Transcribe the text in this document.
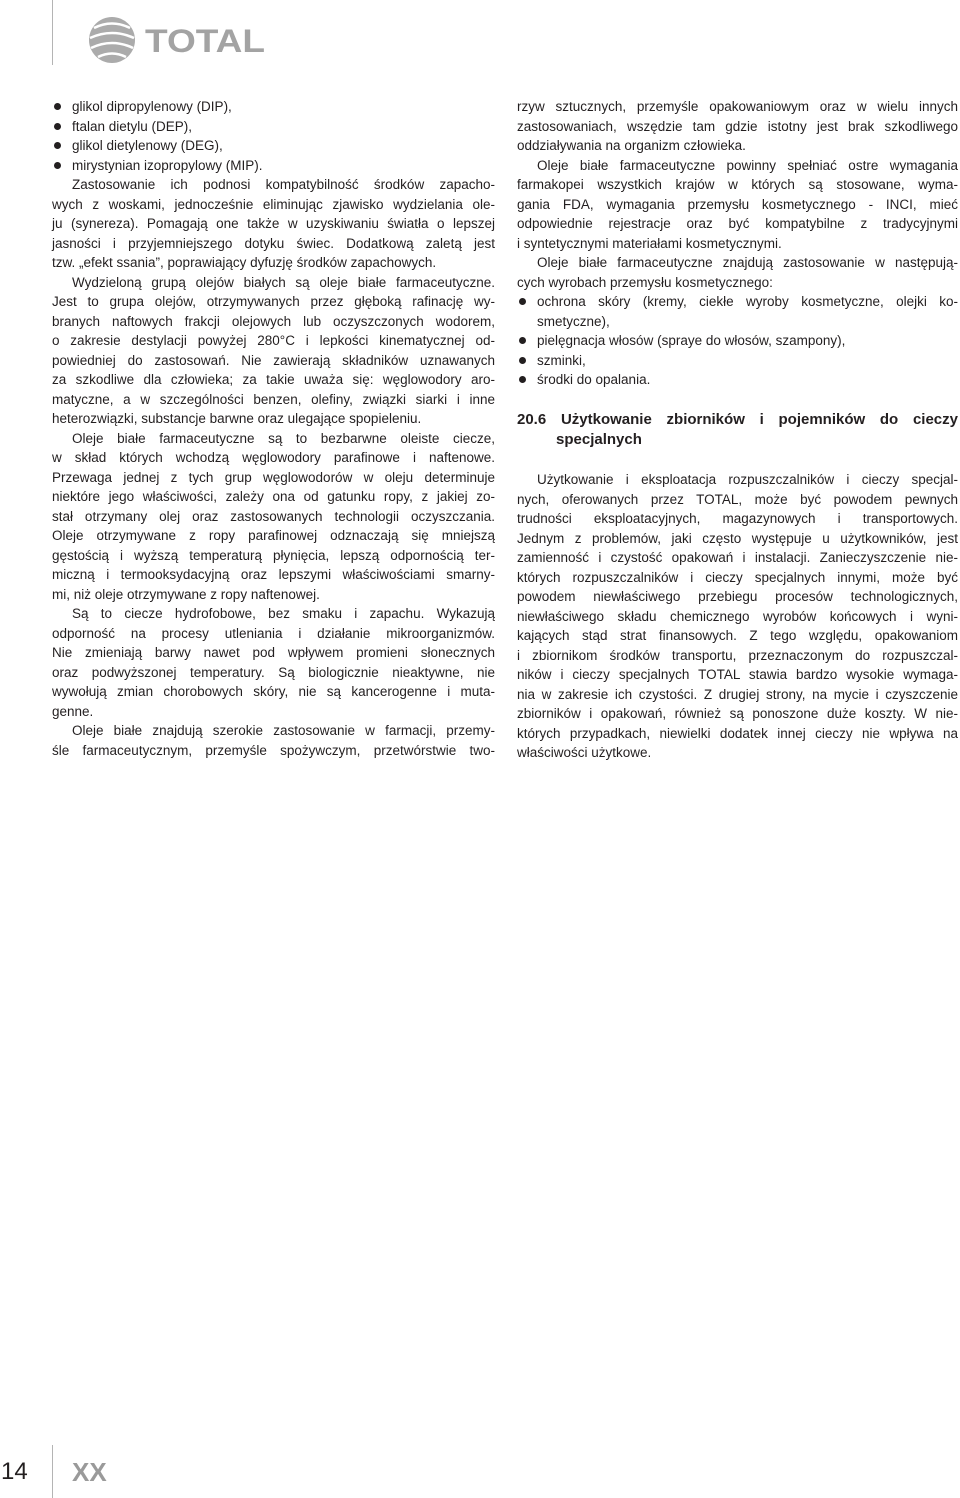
TOTAL
glikol dipropylenowy (DIP),
ftalan dietylu (DEP),
glikol dietylenowy (DEG),
mirystynian izopropylowy (MIP).
Zastosowanie ich podnosi kompatybilność środków zapacho-
wych z woskami, jednocześnie eliminując zjawisko wydzielania ole-
ju (synereza). Pomagają one także w uzyskiwaniu światła o lepszej
jasności i przyjemniejszego dotyku świec. Dodatkową zaletą jest
tzw. „efekt ssania”, poprawiający dyfuzję środków zapachowych.
Wydzieloną grupą olejów białych są oleje białe farmaceutyczne.
Jest to grupa olejów, otrzymywanych przez głęboką rafinację wy-
branych naftowych frakcji olejowych lub oczyszczonych wodorem,
o zakresie destylacji powyżej 280°C i lepkości kinematycznej od-
powiedniej do zastosowań. Nie zawierają składników uznawanych
za szkodliwe dla człowieka; za takie uważa się: węglowodory aro-
matyczne, a w szczególności benzen, olefiny, związki siarki i inne
heterozwiązki, substancje barwne oraz ulegające spopieleniu.
Oleje białe farmaceutyczne są to bezbarwne oleiste ciecze,
w skład których wchodzą węglowodory parafinowe i naftenowe.
Przewaga jednej z tych grup węglowodorów w oleju determinuje
niektóre jego właściwości, zależy ona od gatunku ropy, z jakiej zo-
stał otrzymany olej oraz zastosowanych technologii oczyszczania.
Oleje otrzymywane z ropy parafinowej odznaczają się mniejszą
gęstością i wyższą temperaturą płynięcia, lepszą odpornością ter-
miczną i termooksydacyjną oraz lepszymi właściwościami smarny-
mi, niż oleje otrzymywane z ropy naftenowej.
Są to ciecze hydrofobowe, bez smaku i zapachu. Wykazują
odporność na procesy utleniania i działanie mikroorganizmów.
Nie zmieniają barwy nawet pod wpływem promieni słonecznych
oraz podwyższonej temperatury. Są biologicznie nieaktywne, nie
wywołują zmian chorobowych skóry, nie są kancerogenne i muta-
genne.
Oleje białe znajdują szerokie zastosowanie w farmacji, przemy-
śle farmaceutycznym, przemyśle spożywczym, przetwórstwie two-
rzyw sztucznych, przemyśle opakowaniowym oraz w wielu innych
zastosowaniach, wszędzie tam gdzie istotny jest brak szkodliwego
oddziaływania na organizm człowieka.
Oleje białe farmaceutyczne powinny spełniać ostre wymagania
farmakopei wszystkich krajów w których są stosowane, wyma-
gania FDA, wymagania przemysłu kosmetycznego - INCI, mieć
odpowiednie rejestracje oraz być kompatybilne z tradycyjnymi
i syntetycznymi materiałami kosmetycznymi.
Oleje białe farmaceutyczne znajdują zastosowanie w następują-
cych wyrobach przemysłu kosmetycznego:
ochrona skóry (kremy, ciekłe wyroby kosmetyczne, olejki ko-
smetyczne),
pielęgnacja włosów (spraye do włosów, szampony),
szminki,
środki do opalania.
20.6 Użytkowanie zbiorników i pojemników do cieczy
specjalnych
Użytkowanie i eksploatacja rozpuszczalników i cieczy specjal-
nych, oferowanych przez TOTAL, może być powodem pewnych
trudności eksploatacyjnych, magazynowych i transportowych.
Jednym z problemów, jaki często występuje u użytkowników, jest
zamienność i czystość opakowań i instalacji. Zanieczyszczenie nie-
których rozpuszczalników i cieczy specjalnych innymi, może być
powodem niewłaściwego przebiegu procesów technologicznych,
niewłaściwego składu chemicznego wyrobów końcowych i wyni-
kających stąd strat finansowych. Z tego względu, opakowaniom
i zbiornikom środków transportu, przeznaczonym do rozpuszczal-
ników i cieczy specjalnych TOTAL stawia bardzo wysokie wymaga-
nia w zakresie ich czystości. Z drugiej strony, na mycie i czyszczenie
zbiorników i opakowań, również są ponoszone duże koszty. W nie-
których przypadkach, niewielki dodatek innej cieczy nie wpływa na
właściwości użytkowe.
14 XX
